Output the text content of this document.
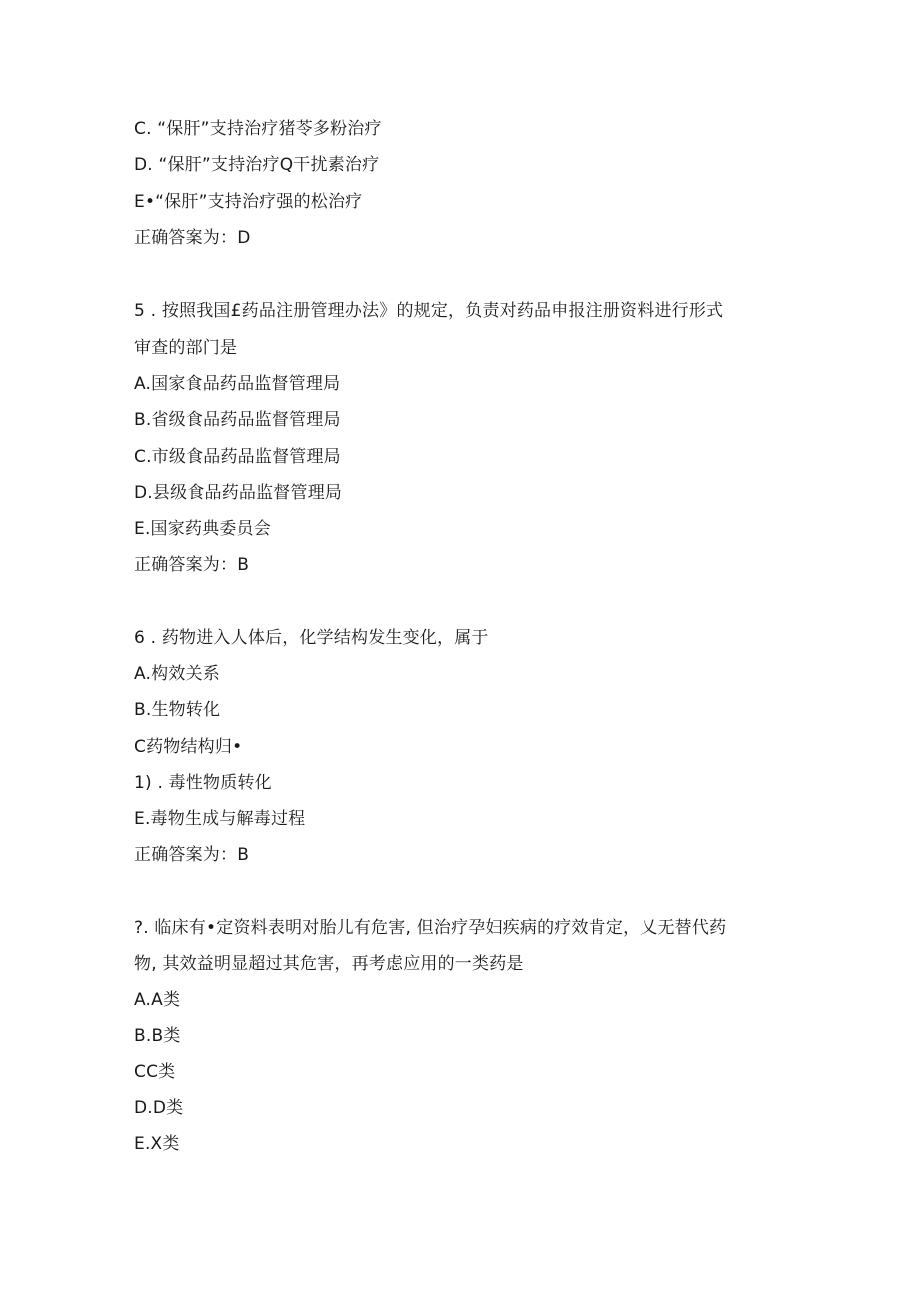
C. “保肝”支持治疗猪苓多粉治疗
D. “保肝”支持治疗Q干扰素治疗
E•“保肝”支持治疗强的松治疗
正确答案为：D
5 . 按照我国£药品注册管理办法》的规定，负责对药品申报注册资料进行形式
审查的部门是
A.国家食品药品监督管理局
B.省级食品药品监督管理局
C.市级食品药品监督管理局
D.县级食品药品监督管理局
E.国家药典委员会
正确答案为：B
6 . 药物进入人体后，化学结构发生变化，属于
A.构效关系
B.生物转化
C药物结构归•
1) . 毒性物质转化
E.毒物生成与解毒过程
正确答案为：B
?. 临床有•定资料表明对胎儿有危害, 但治疗孕妇疾病的疗效肯定，乂无替代药
物, 其效益明显超过其危害，再考虑应用的一类药是
A.A类
B.B类
CC类
D.D类
E.X类
